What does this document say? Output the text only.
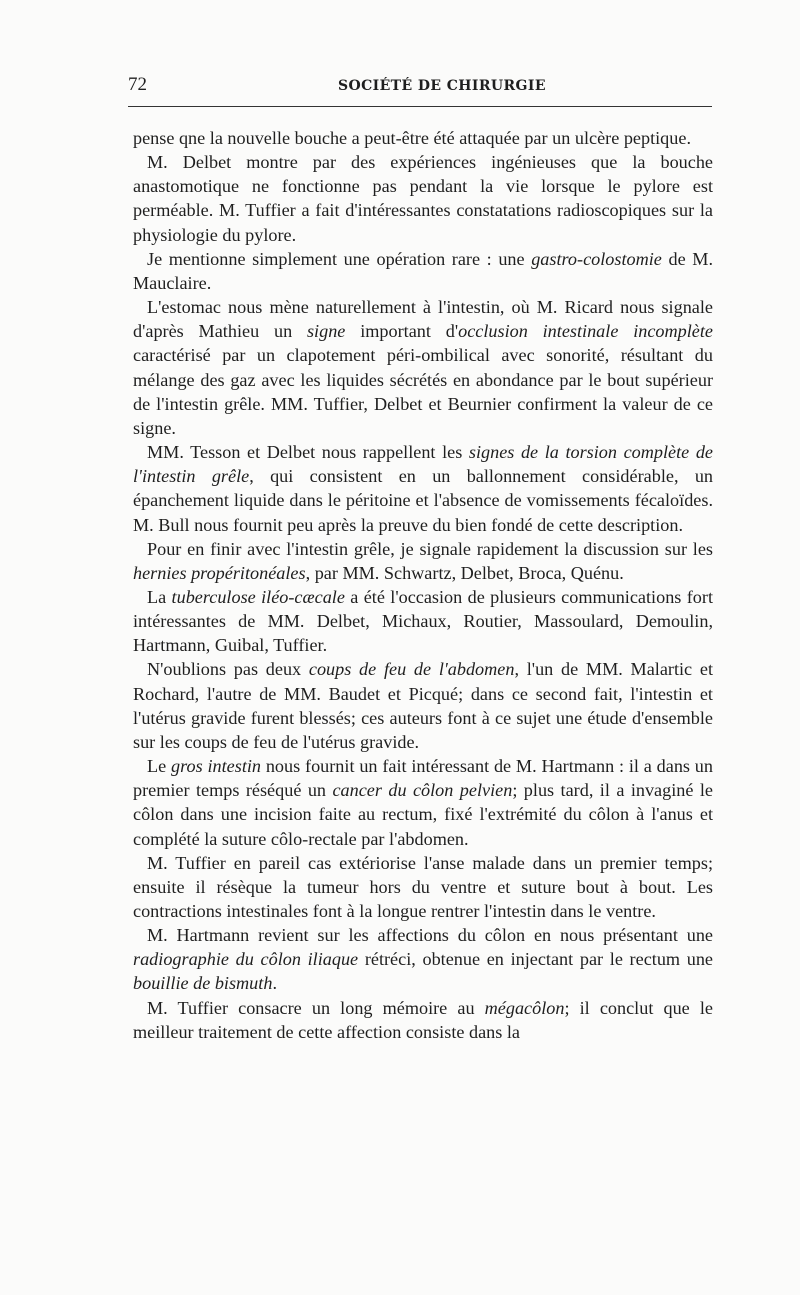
72	SOCIÉTÉ DE CHIRURGIE

pense qne la nouvelle bouche a peut-être été attaquée par un ulcère peptique.

M. Delbet montre par des expériences ingénieuses que la bouche anastomotique ne fonctionne pas pendant la vie lorsque le pylore est perméable. M. Tuffier a fait d'intéressantes constatations radioscopiques sur la physiologie du pylore.

Je mentionne simplement une opération rare : une gastro-colostomie de M. Mauclaire.

L'estomac nous mène naturellement à l'intestin, où M. Ricard nous signale d'après Mathieu un signe important d'occlusion intestinale incomplète caractérisé par un clapotement péri-ombilical avec sonorité, résultant du mélange des gaz avec les liquides sécrétés en abondance par le bout supérieur de l'intestin grêle. MM. Tuffier, Delbet et Beurnier confirment la valeur de ce signe.

MM. Tesson et Delbet nous rappellent les signes de la torsion complète de l'intestin grêle, qui consistent en un ballonnement considérable, un épanchement liquide dans le péritoine et l'absence de vomissements fécaloïdes. M. Bull nous fournit peu après la preuve du bien fondé de cette description.

Pour en finir avec l'intestin grêle, je signale rapidement la discussion sur les hernies propéritonéales, par MM. Schwartz, Delbet, Broca, Quénu.

La tuberculose iléo-cæcale a été l'occasion de plusieurs communications fort intéressantes de MM. Delbet, Michaux, Routier, Massoulard, Demoulin, Hartmann, Guibal, Tuffier.

N'oublions pas deux coups de feu de l'abdomen, l'un de MM. Malartic et Rochard, l'autre de MM. Baudet et Picqué; dans ce second fait, l'intestin et l'utérus gravide furent blessés; ces auteurs font à ce sujet une étude d'ensemble sur les coups de feu de l'utérus gravide.

Le gros intestin nous fournit un fait intéressant de M. Hartmann : il a dans un premier temps réséqué un cancer du côlon pelvien; plus tard, il a invaginé le côlon dans une incision faite au rectum, fixé l'extrémité du côlon à l'anus et complété la suture côlo-rectale par l'abdomen.

M. Tuffier en pareil cas extériorise l'anse malade dans un premier temps; ensuite il résèque la tumeur hors du ventre et suture bout à bout. Les contractions intestinales font à la longue rentrer l'intestin dans le ventre.

M. Hartmann revient sur les affections du côlon en nous présentant une radiographie du côlon iliaque rétréci, obtenue en injectant par le rectum une bouillie de bismuth.

M. Tuffier consacre un long mémoire au mégacôlon; il conclut que le meilleur traitement de cette affection consiste dans la
